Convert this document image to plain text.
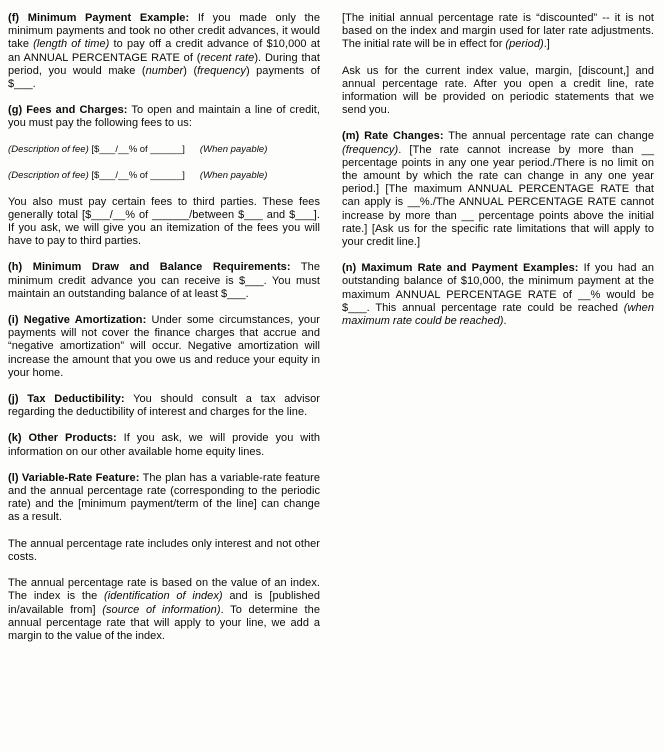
(f) Minimum Payment Example: If you made only the minimum payments and took no other credit advances, it would take (length of time) to pay off a credit advance of $10,000 at an ANNUAL PERCENTAGE RATE of (recent rate). During that period, you would make (number) (frequency) payments of $___.

(g) Fees and Charges: To open and maintain a line of credit, you must pay the following fees to us:

(Description of fee) [$___/__% of ______]      (When payable)

(Description of fee) [$___/__% of ______]      (When payable)

You also must pay certain fees to third parties. These fees generally total [$___/__% of ______/between $___ and $___]. If you ask, we will give you an itemization of the fees you will have to pay to third parties.

(h) Minimum Draw and Balance Requirements: The minimum credit advance you can receive is $___. You must maintain an outstanding balance of at least $___.

(i) Negative Amortization: Under some circumstances, your payments will not cover the finance charges that accrue and “negative amortization” will occur. Negative amortization will increase the amount that you owe us and reduce your equity in your home.

(j) Tax Deductibility: You should consult a tax advisor regarding the deductibility of interest and charges for the line.

(k) Other Products: If you ask, we will provide you with information on our other available home equity lines.

(l) Variable-Rate Feature: The plan has a variable-rate feature and the annual percentage rate (corresponding to the periodic rate) and the [minimum payment/term of the line] can change as a result.

The annual percentage rate includes only interest and not other costs.

The annual percentage rate is based on the value of an index. The index is the (identification of index) and is [published in/available from] (source of information). To determine the annual percentage rate that will apply to your line, we add a margin to the value of the index.

[The initial annual percentage rate is “discounted” -- it is not based on the index and margin used for later rate adjustments. The initial rate will be in effect for (period).]

Ask us for the current index value, margin, [discount,] and annual percentage rate. After you open a credit line, rate information will be provided on periodic statements that we send you.

(m) Rate Changes: The annual percentage rate can change (frequency). [The rate cannot increase by more than __ percentage points in any one year period./There is no limit on the amount by which the rate can change in any one year period.] [The maximum ANNUAL PERCENTAGE RATE that can apply is __%./The ANNUAL PERCENTAGE RATE cannot increase by more than __ percentage points above the initial rate.] [Ask us for the specific rate limitations that will apply to your credit line.]

(n) Maximum Rate and Payment Examples: If you had an outstanding balance of $10,000, the minimum payment at the maximum ANNUAL PERCENTAGE RATE of __% would be $___. This annual percentage rate could be reached (when maximum rate could be reached).
